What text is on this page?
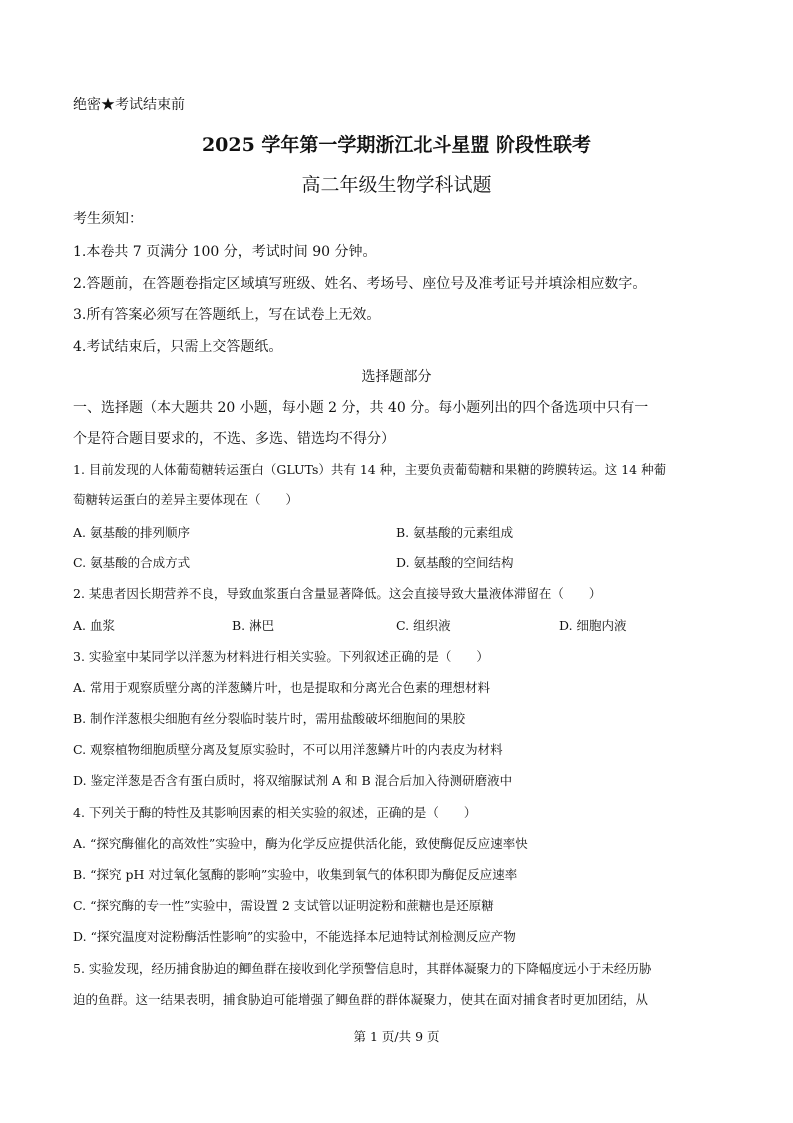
绝密★考试结束前
2025 学年第一学期浙江北斗星盟 阶段性联考
高二年级生物学科试题
考生须知：
1.本卷共 7 页满分 100 分，考试时间 90 分钟。
2.答题前，在答题卷指定区域填写班级、姓名、考场号、座位号及准考证号并填涂相应数字。
3.所有答案必须写在答题纸上，写在试卷上无效。
4.考试结束后，只需上交答题纸。
选择题部分
一、选择题（本大题共 20 小题，每小题 2 分，共 40 分。每小题列出的四个备选项中只有一
个是符合题目要求的，不选、多选、错选均不得分）
1. 目前发现的人体葡萄糖转运蛋白（GLUTs）共有 14 种，主要负责葡萄糖和果糖的跨膜转运。这 14 种葡
萄糖转运蛋白的差异主要体现在（　　）
A. 氨基酸的排列顺序	B. 氨基酸的元素组成
C. 氨基酸的合成方式	D. 氨基酸的空间结构
2. 某患者因长期营养不良，导致血浆蛋白含量显著降低。这会直接导致大量液体滞留在（　　）
A. 血浆	B. 淋巴	C. 组织液	D. 细胞内液
3. 实验室中某同学以洋葱为材料进行相关实验。下列叙述正确的是（　　）
A. 常用于观察质壁分离的洋葱鳞片叶，也是提取和分离光合色素的理想材料
B. 制作洋葱根尖细胞有丝分裂临时装片时，需用盐酸破坏细胞间的果胶
C. 观察植物细胞质壁分离及复原实验时，不可以用洋葱鳞片叶的内表皮为材料
D. 鉴定洋葱是否含有蛋白质时，将双缩脲试剂 A 和 B 混合后加入待测研磨液中
4. 下列关于酶的特性及其影响因素的相关实验的叙述，正确的是（　　）
A. “探究酶催化的高效性”实验中，酶为化学反应提供活化能，致使酶促反应速率快
B. “探究 pH 对过氧化氢酶的影响”实验中，收集到氧气的体积即为酶促反应速率
C. “探究酶的专一性”实验中，需设置 2 支试管以证明淀粉和蔗糖也是还原糖
D. “探究温度对淀粉酶活性影响”的实验中，不能选择本尼迪特试剂检测反应产物
5. 实验发现，经历捕食胁迫的鲫鱼群在接收到化学预警信息时，其群体凝聚力的下降幅度远小于未经历胁
迫的鱼群。这一结果表明，捕食胁迫可能增强了鲫鱼群的群体凝聚力，使其在面对捕食者时更加团结，从
第 1 页/共 9 页
